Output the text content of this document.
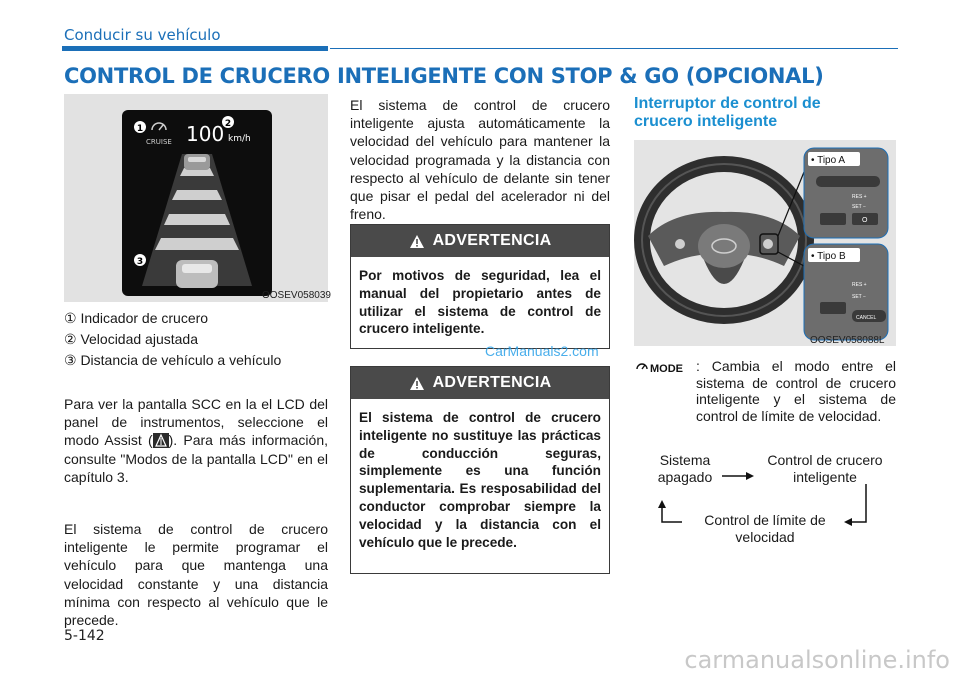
Conducir su vehículo
CONTROL DE CRUCERO INTELIGENTE CON STOP & GO (OPCIONAL)
1	2
3
CRUISE 100 km/h
OOSEV058039
① Indicador de crucero
② Velocidad ajustada
③ Distancia de vehículo a vehículo
Para ver la pantalla SCC en la el LCD del panel de instrumentos, seleccione el modo Assist ( ). Para más información, consulte "Modos de la pantalla LCD" en el capítulo 3.
El sistema de control de crucero inteligente le permite programar el vehículo para que mantenga una velocidad constante y una distancia mínima con respecto al vehículo que le precede.
El sistema de control de crucero inteligente ajusta automáticamente la velocidad del vehículo para mantener la velocidad programada y la distancia con respecto al vehículo de delante sin tener que pisar el pedal del acelerador ni del freno.
ADVERTENCIA
Por motivos de seguridad, lea el manual del propietario antes de utilizar el sistema de control de crucero inteligente.
ADVERTENCIA
El sistema de control de crucero inteligente no sustituye las prácticas de conducción seguras, simplemente es una función suplementaria. Es resposabilidad del conductor comprobar siempre la velocidad y la distancia con el vehículo que le precede.
Interruptor de control de
crucero inteligente
• Tipo A
RES +
SET −
O
• Tipo B
RES +
SET −
CANCEL
OOSEV058088L
MODE : Cambia el modo entre el sistema de control de crucero inteligente y el sistema de control de límite de velocidad.
Sistema apagado
Control de crucero inteligente
Control de límite de velocidad
CarManuals2.com
5-142
carmanualsonline.info
